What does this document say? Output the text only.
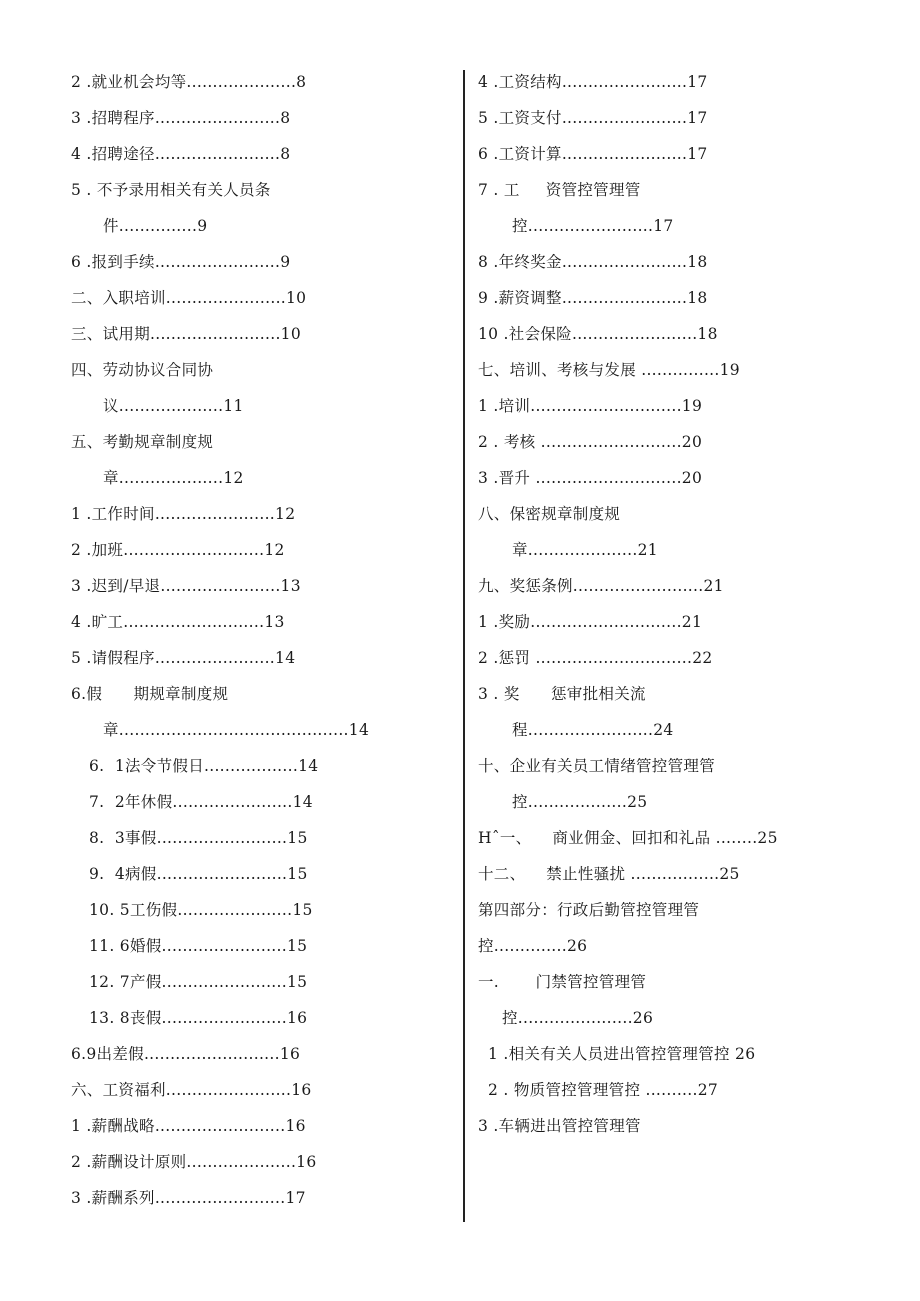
2 .就业机会均等.....................8
3 .招聘程序........................8
4 .招聘途径........................8
5 . 不予录用相关有关人员条
件...............9
6 .报到手续........................9
二、入职培训.......................10
三、试用期.........................10
四、劳动协议合同协
议....................11
五、考勤规章制度规
章....................12
1 .工作时间.......................12
2 .加班...........................12
3 .迟到/早退.......................13
4 .旷工...........................13
5 .请假程序.......................14
6.假      期规章制度规
章............................................14
6.  1法令节假日..................14
7.  2年休假.......................14
8.  3事假.........................15
9.  4病假.........................15
10. 5工伤假......................15
11. 6婚假........................15
12. 7产假........................15
13. 8丧假........................16
6.9出差假..........................16
六、工资福利........................16
1 .薪酬战略.........................16
2 .薪酬设计原则.....................16
3 .薪酬系列.........................17
4 .工资结构........................17
5 .工资支付........................17
6 .工资计算........................17
7 . 工     资管控管理管
控........................17
8 .年终奖金........................18
9 .薪资调整........................18
10 .社会保险........................18
七、培训、考核与发展 ...............19
1 .培训.............................19
2 . 考核 ...........................20
3 .晋升 ............................20
八、保密规章制度规
章.....................21
九、奖惩条例.........................21
1 .奖励.............................21
2 .惩罚 ..............................22
3 . 奖      惩审批相关流
程........................24
十、企业有关员工情绪管控管理管
控...................25
Hˆ一、    商业佣金、回扣和礼品 ........25
十二、    禁止性骚扰 .................25
第四部分：行政后勤管控管理管
控..............26
一.       门禁管控管理管
控......................26
1 .相关有关人员进出管控管理管控 26
2 . 物质管控管理管控 ..........27
3 .车辆进出管控管理管
